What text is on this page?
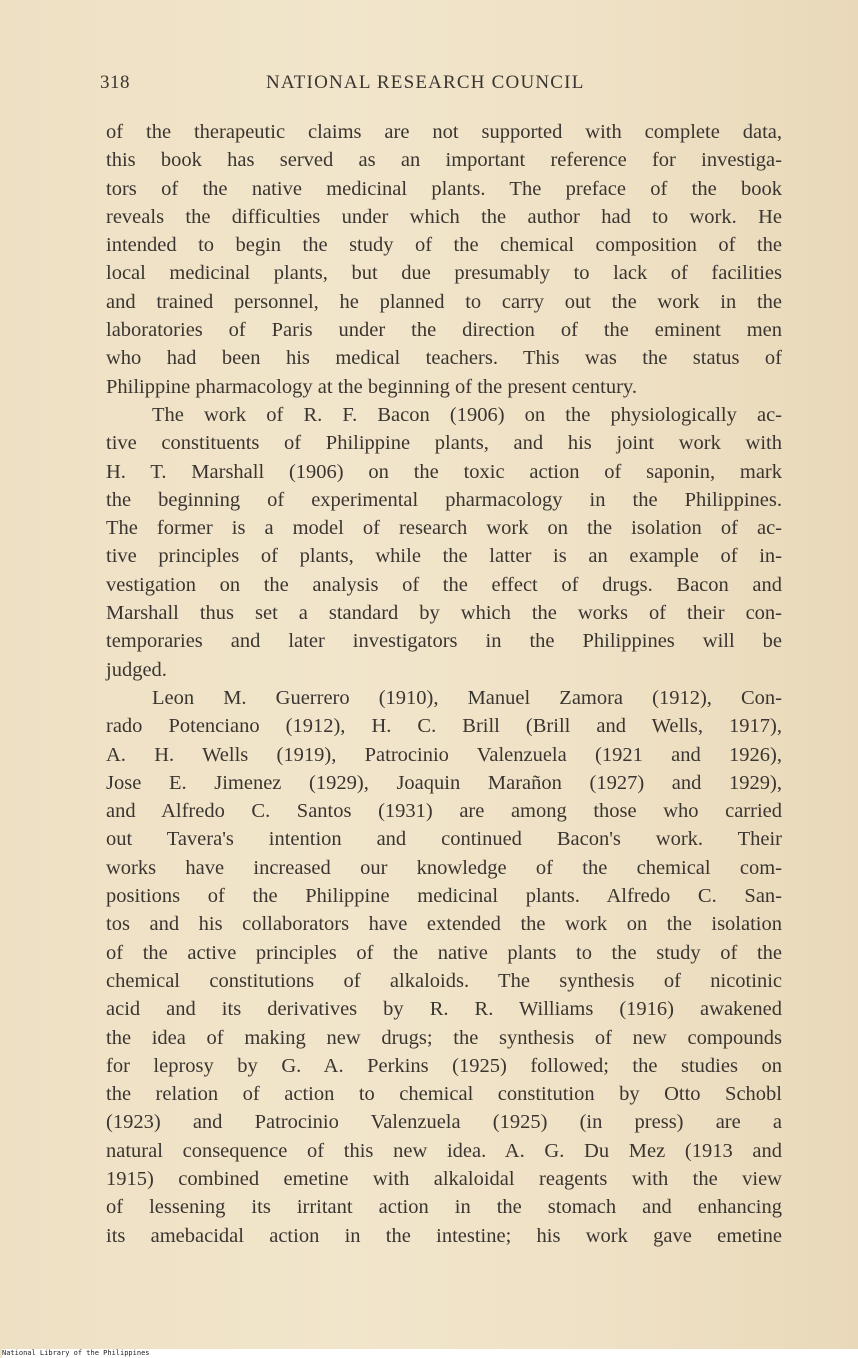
318	NATIONAL RESEARCH COUNCIL
of the therapeutic claims are not supported with complete data,
this book has served as an important reference for investiga-
tors of the native medicinal plants. The preface of the book
reveals the difficulties under which the author had to work. He
intended to begin the study of the chemical composition of the
local medicinal plants, but due presumably to lack of facilities
and trained personnel, he planned to carry out the work in the
laboratories of Paris under the direction of the eminent men
who had been his medical teachers. This was the status of
Philippine pharmacology at the beginning of the present century.
The work of R. F. Bacon (1906) on the physiologically ac-
tive constituents of Philippine plants, and his joint work with
H. T. Marshall (1906) on the toxic action of saponin, mark
the beginning of experimental pharmacology in the Philippines.
The former is a model of research work on the isolation of ac-
tive principles of plants, while the latter is an example of in-
vestigation on the analysis of the effect of drugs. Bacon and
Marshall thus set a standard by which the works of their con-
temporaries and later investigators in the Philippines will be
judged.
Leon M. Guerrero (1910), Manuel Zamora (1912), Con-
rado Potenciano (1912), H. C. Brill (Brill and Wells, 1917),
A. H. Wells (1919), Patrocinio Valenzuela (1921 and 1926),
Jose E. Jimenez (1929), Joaquin Marañon (1927) and 1929),
and Alfredo C. Santos (1931) are among those who carried
out Tavera's intention and continued Bacon's work. Their
works have increased our knowledge of the chemical com-
positions of the Philippine medicinal plants. Alfredo C. San-
tos and his collaborators have extended the work on the isolation
of the active principles of the native plants to the study of the
chemical constitutions of alkaloids. The synthesis of nicotinic
acid and its derivatives by R. R. Williams (1916) awakened
the idea of making new drugs; the synthesis of new compounds
for leprosy by G. A. Perkins (1925) followed; the studies on
the relation of action to chemical constitution by Otto Schobl
(1923) and Patrocinio Valenzuela (1925) (in press) are a
natural consequence of this new idea. A. G. Du Mez (1913 and
1915) combined emetine with alkaloidal reagents with the view
of lessening its irritant action in the stomach and enhancing
its amebacidal action in the intestine; his work gave emetine
National Library of the Philippines
